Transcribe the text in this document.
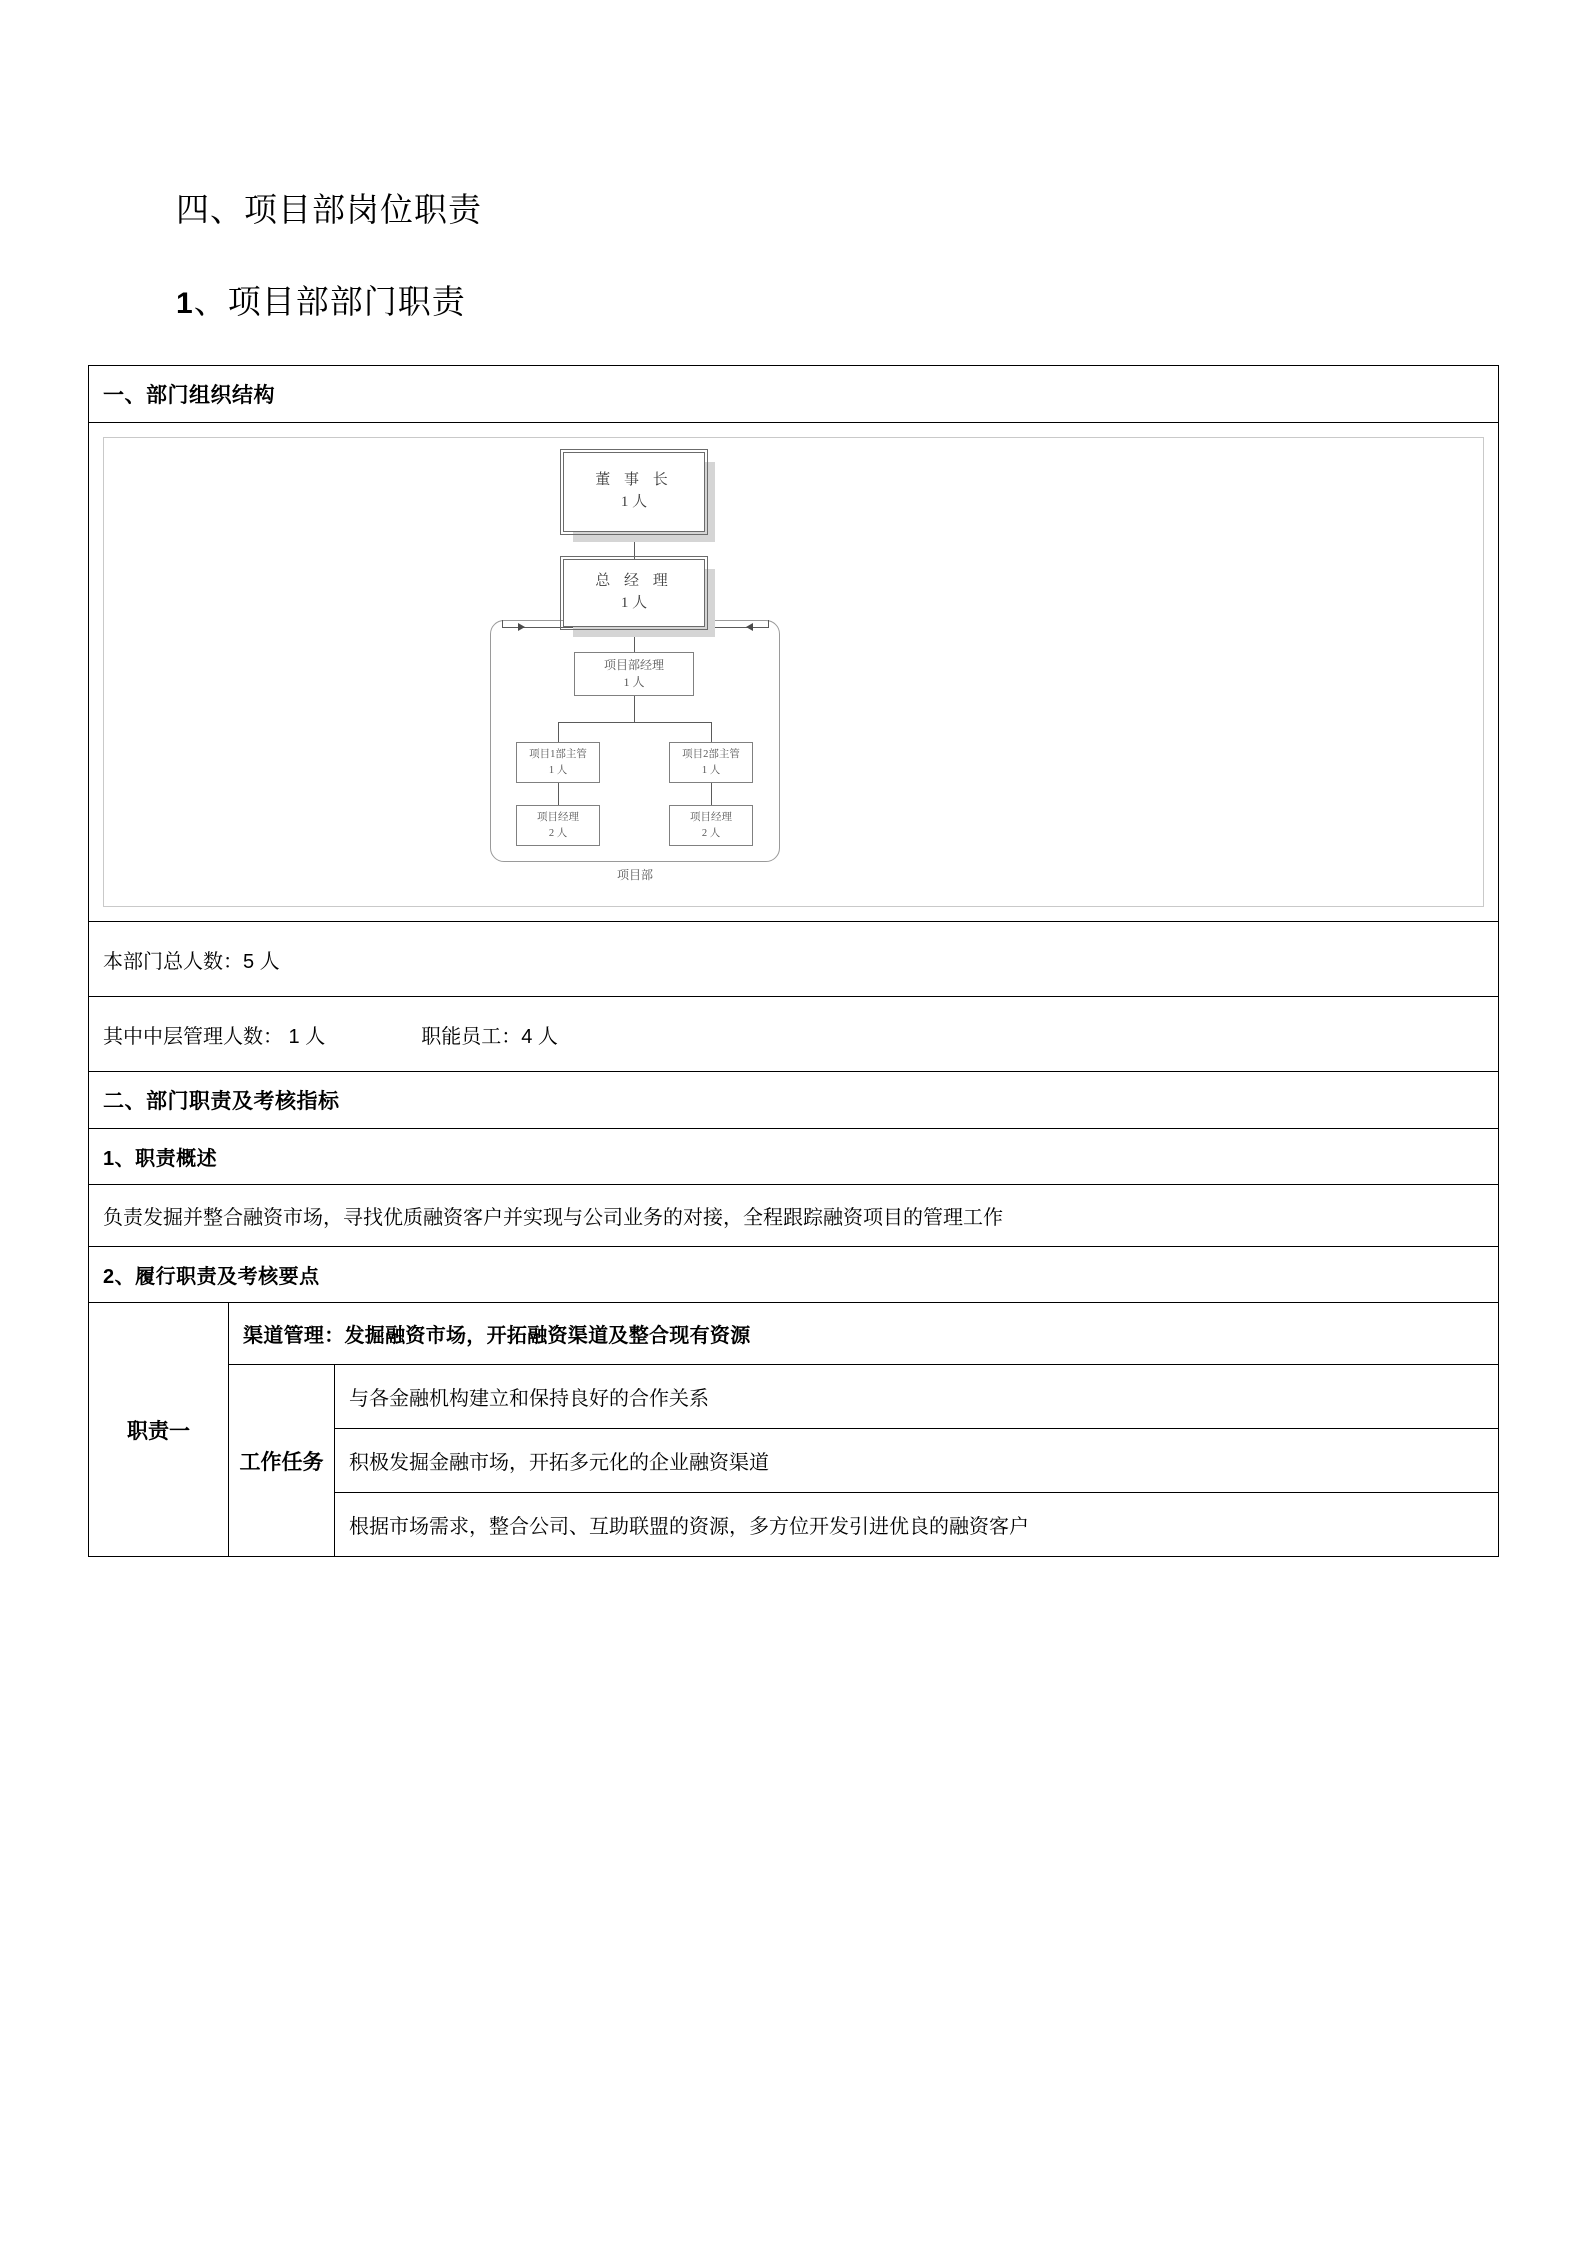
四、项目部岗位职责
1、项目部部门职责
一、部门组织结构		

项目部
董 事 长
1 人
总 经 理
1 人
项目部经理
1 人
项目1部主管
1 人
项目2部主管
1 人
项目经理
2 人
项目经理
2 人

本部门总人数：5 人		
其中中层管理人数： 1 人 职能员工：4 人		
二、部门职责及考核指标		
1、职责概述		
负责发掘并整合融资市场，寻找优质融资客户并实现与公司业务的对接，全程跟踪融资项目的管理工作		
2、履行职责及考核要点		
职责一	渠道管理：发掘融资市场，开拓融资渠道及整合现有资源	
	工作任务	与各金融机构建立和保持良好的合作关系
		积极发掘金融市场，开拓多元化的企业融资渠道
		根据市场需求，整合公司、互助联盟的资源，多方位开发引进优良的融资客户
